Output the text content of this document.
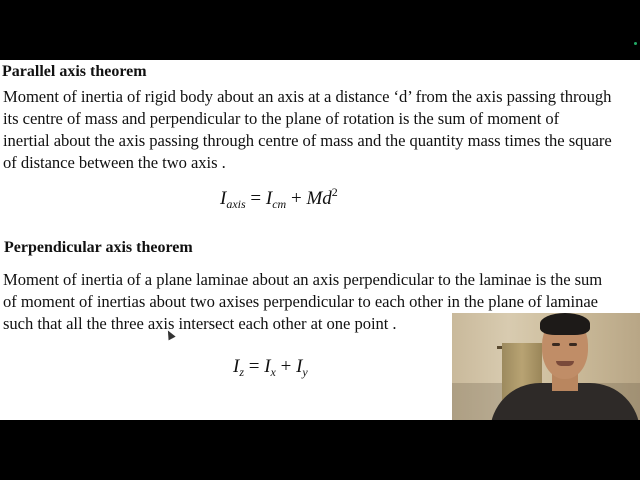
Parallel axis theorem
Moment of inertia of rigid body about an axis at a distance ‘d’ from the axis passing through
its centre of mass and perpendicular to the plane of rotation is the sum of moment of
inertial about the axis passing through centre of mass and the quantity mass times the square
of distance between the two axis .
$I_{axis} = I_{cm} + Md^2$
Perpendicular axis theorem
Moment of inertia of a plane laminae about an axis perpendicular to the laminae is the sum
of moment of inertias about two axises perpendicular to each other in the plane of laminae
such that all the three axis intersect each other at one point .
$I_z = I_x + I_y$
